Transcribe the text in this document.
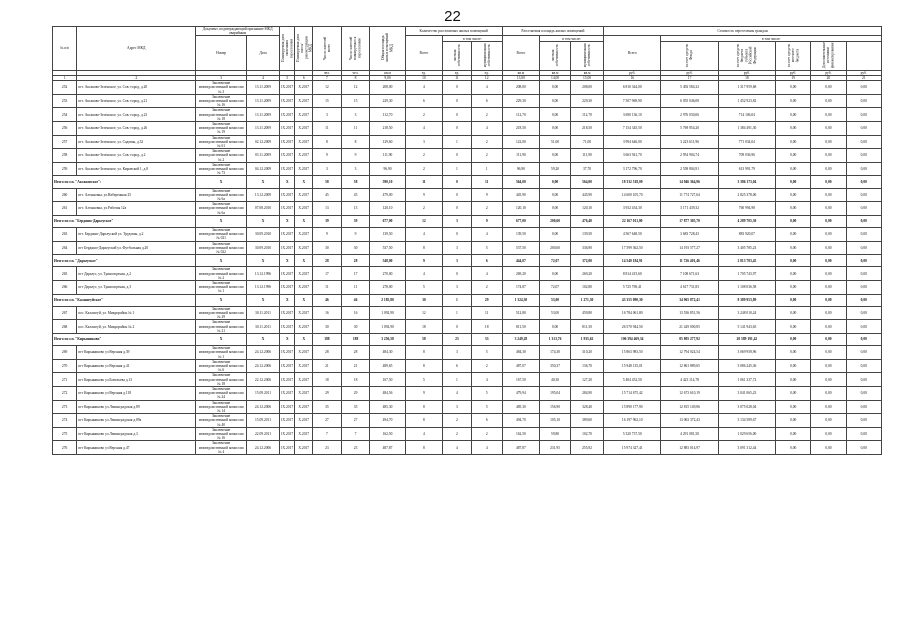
22
№ п/п	Адрес МКД	Документ, подтверждающий признание МКД аварийным		Планируемая дата окончания переселения	Планируемая дата сноса/реконструкции МКД	Число жителей всего	Число жителей планируемых к переселению	Общая площадь жилых помещений МКД	Количество расселяемых жилых помещений			Расселяемая площадь жилых помещений			Стоимость переселения граждан					
		Номер	Дата						Всего	в том числе:		Всего	в том числе:		Всего	в том числе:				
										частная собственность	муниципальная собственность		частная собственность	муниципальная собственность		за счет средств Фонда	за счет средств бюджета субъекта Российской Федерации	за счет средств местного бюджета	Дополнительные источники финансирования	
						чел.	чел.	кв.м	ед.	ед.	ед.	кв.м	кв.м	кв.м	руб.	руб.	руб.	руб.	руб.	руб.
1	2	3	4	5	6	7	8	9,00	10	11	12	13,00	14,00	15,00	16	17	18	19	20	21
252	пгт. Аксаково-Зеленское, ул. Сов.-город, д.20	Заключение межведомственной комиссии № 3	13.11.2009	IX.2017	X.2017	12	12	208,00	4	0	4	208,00	0,00	208,00	6 810 344,00	5 492 584,32	1 317 959,68	0,00	0,00	0,00
253	пгт. Аксаково-Зеленское, ул. Сов.-город, д.21	Заключение межведомственной комиссии № 16	13.11.2009	IX.2017	X.2017	15	15	229,30	6	0	6	229,30	0,00	229,30	7 507 969,90	6 055 046,08	1 452 923,82	0,00	0,00	0,00
254	пгт. Аксаково-Зеленское, ул. Сов.-город, д.23	Заключение межведомственной комиссии № 18	13.11.2009	IX.2017	X.2017	3	3	112,70	2	0	2	112,70	0,00	112,70	3 690 136,10	2 976 030,06	714 106,04	0,00	0,00	0,00
256	пгт. Аксаково-Зеленское, ул. Сов.-город, д.26	Заключение межведомственной комиссии № 19	13.11.2009	IX.2017	X.2017	11	11	218,50	4	0	4	218,50	0,00	218,50	7 154 345,50	5 769 854,20	1 384 491,30	0,00	0,00	0,00
257	пгт. Аксаково-Зеленское, ул. Садовая, д.32	Заключение межведомственной комиссии № 61	02.12.2009	IX.2017	X.2017	8	8	129,60	3	1	2	122,00	51,00	71,00	3 994 646,00	3 223 611,96	771 034,04	0,00	0,00	0,00
258	пгт. Аксаково-Зеленское, ул. Сов.-город, д.2	Заключение межведомственной комиссии № 2	03.11.2009	IX.2017	X.2017	9	9	111,90	2	0	2	111,90	0,00	111,90	3 663 941,70	2 954 904,74	709 036,96	0,00	0,00	0,00
259	пгт. Аксаково-Зеленское, ул. Кировской 1, д.8	Заключение межведомственной комиссии № 73	04.12.2009	IX.2017	X.2017	3	3	96,90	2	1	1	96,90	59,20	37,70	3 172 796,70	2 558 804,91	613 991,79	0,00	0,00	0,00
Итого по г.п. "Аксаковское":		X	X	X	X	58	58	590,10	11	0	11	564,00	0,00	564,00	18 332 518,00	14 946 364,96	3 386 173,04	0,00	0,00	0,00
260	пгт. Алтыновка, ул.Набережная 25	Заключение межведомственной комиссии № 6а	13.12.2009	IX.2017	X.2017	45	45	479,00	9	0	9	445,90	0,00	445,90	14 600 105,70	11 774 727,64	2 825 378,06	0,00	0,00	0,00
261	пгт. Алтыновка, ул.Рабочая 12а	Заключение межведомственной комиссии № 6а	07.08.2010	IX.2017	X.2017	13	13	120,10	2	0	2	120,10	0,00	120,10	3 932 434,30	3 171 439,32	760 994,98	0,00	0,00	0,00
Итого по г.п. "Бердяшо-Дарьеускоe"		X	X	X	X	39	39	677,00	12	3	9	677,00	200,60	476,40	22 167 011,00	17 877 305,70	4 289 705,30	0,00	0,00	0,00
263	пгт. Бердяшо-Дарьеуской ул. Трудовая, д.2	Заключение межведомственной комиссии № 021	30.09.2010	IX.2017	X.2017	9	9	139,50	4	0	4	139,50	0,00	139,50	4 567 648,50	3 683 728,43	883 920,07	0,00	0,00	0,00
264	пгт Бердяшо-Дарьеуской ул. Футбольная д.20	Заключение межведомственной комиссии № 022	30.09.2010	IX.2017	X.2017	30	30	537,50	8	3	5	537,50	200,60	336,90	17 599 362,50	14 193 577,27	3 405 785,23	0,00	0,00	0,00
Итого по г.п. "Дарьеускоe"		X	X	X	X	28	28	548,00	9	3	6	444,07	72,07	372,00	14 540 184,91	11 726 401,46	2 813 783,45	0,00	0,00	0,00
265	пгт Дарьеус, ул. Транспортная, д.2	Заключение межведомственной комиссии № 2	13.12.1996	IX.2017	X.2017	17	17	270,00	4	0	4	269,20	0,00	269,20	8 814 415,60	7 108 671,63	1 705 743,97	0,00	0,00	0,00
266	пгт Дарьеус, ул. Транспортная, д.3	Заключение межведомственной комиссии № 1	13.12.1996	IX.2017	X.2017	11	11	278,00	5	3	2	174,87	72,07	102,80	5 725 769,41	4 617 731,83	1 108 036,58	0,00	0,00	0,00
Итого по г.п. "Калашгуйское"		X	X	X	X	46	46	2 185,80	30	1	29	1 324,30	53,00	1 271,30	43 355 090,30	34 965 872,41	8 389 953,89	0,00	0,00	0,00
267	пос. Калашгуй, ул. Микрорайон № 1	Заключение межведомственной комиссии № 29	30.11.2011	IX.2017	X.2017	16	16	1 092,90	12	1	11	512,80	53,00	459,80	16 784 061,80	13 536 851,56	3 248 010,24	0,00	0,00	0,00
268	пос. Калашгуй, ул. Микрорайон № 2	Заключение межведомственной комиссии № 21	30.11.2011	IX.2017	X.2017	30	30	1 092,90	18	0	18	811,50	0,00	811,50	26 570 944,50	21 429 000,85	5 141 943,65	0,00	0,00	0,00
Итого по г.п. "Кирьяниково"		X	X	X	X	188	188	3 256,58	58	25	33	3 249,28	1 313,76	1 935,62	106 394 469,34	85 805 277,92	20 589 191,42	0,00	0,00	0,00
269	пгт Кирьяниково ул Верхняя д.39	Заключение межведомственной комиссии № 1	24.12.2006	IX.2017	X.2017	28	28	484,30	8	3	5	484,30	174,30	310,20	15 863 983,50	12 794 024,54	3 069 958,96	0,00	0,00	0,00
270	пгт Кирьяниково ул Верхняя д.41	Заключение межведомственной комиссии № 6	24.12.2006	IX.2017	X.2017	21	21	489,65	8	6	2	487,07	350,37	136,70	15 948 135,01	12 861 889,65	3 086 245,36	0,00	0,00	0,00
271	пгт Кирьяниково ул Бовельева д.13	Заключение межведомственной комиссии № 18	22.12.2006	IX.2017	X.2017	18	18	167,50	5	1	4	167,50	40,30	127,20	5 484 452,50	4 423 114,78	1 061 337,72	0,00	0,00	0,00
272	пгт Кирьяниково ул Верхняя д.118	Заключение межведомственной комиссии № 24	15.09.2011	IX.2017	X.2017	29	29	484,56	9	4	5	479,94	195,04	284,90	15 714 675,42	12 673 610,19	3 041 065,23	0,00	0,00	0,00
273	пгт Кирьяниково ул Ленинградская д.89	Заключение межведомственной комиссии № 14	24.12.2006	IX.2017	X.2017	35	35	485,30	8	3	5	485,30	156,90	328,40	15 890 177,90	12 815 149,86	3 075 028,04	0,00	0,00	0,00
274	пгт Кирьяниково ул Ленинградская д.89а	Заключение межведомственной комиссии № 40	15.09.2011	IX.2017	X.2017	27	27	494,70	8	2	6	494,70	105,10	389,60	16 197 962,10	13 063 372,43	3 134 589,67	0,00	0,00	0,00
275	пгт Кирьяниково ул Ленинградская д.3	Заключение межведомственной комиссии № 16	22.09.2011	IX.2017	X.2017	7	7	162,50	4	2	2	162,50	59,80	102,70	5 320 737,50	4 291 081,50	1 029 656,00	0,00	0,00	0,00
276	пгт Кирьяниково ул Верхняя д.47	Заключение межведомственной комиссии № 4	24.12.2006	IX.2017	X.2017	23	23	487,87	8	4	4	487,87	231,95	255,92	15 974 327,41	12 883 014,97	3 091 312,44	0,00	0,00	0,00
